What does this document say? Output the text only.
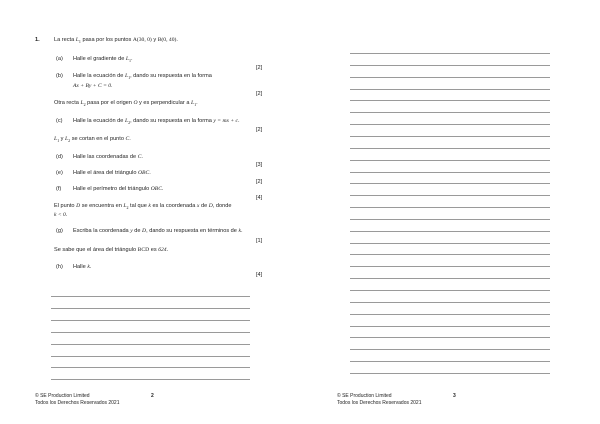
1.	La recta $L_1$ pasa por los puntos A(30, 0) y B(0, 40).
(a) Halle el gradiente de $L_1$.
[2]
(b) Halle la ecuación de $L_1$, dando su respuesta en la forma
Ax + By + C = 0.
[2]
Otra recta $L_2$ pasa por el origen O y es perpendicular a $L_1$.
(c) Halle la ecuación de $L_2$, dando su respuesta en la forma y = mx + c.
[2]
$L_1$ y $L_2$ se cortan en el punto C.
(d) Halle las coordenadas de C.
[3]
(e) Halle el área del triángulo OBC.
[2]
(f) Halle el perímetro del triángulo OBC.
[4]
El punto D se encuentra en $L_2$ tal que k es la coordenada x de D, donde
k < 0.
(g) Escriba la coordenada y de D, dando su respuesta en términos de k.
[1]
Se sabe que el área del triángulo BCD es 624.
(h) Halle k.
[4]
© SE Production Limited
Todos los Derechos Reservados 2021
2	© SE Production Limited
Todos los Derechos Reservados 2021
3
